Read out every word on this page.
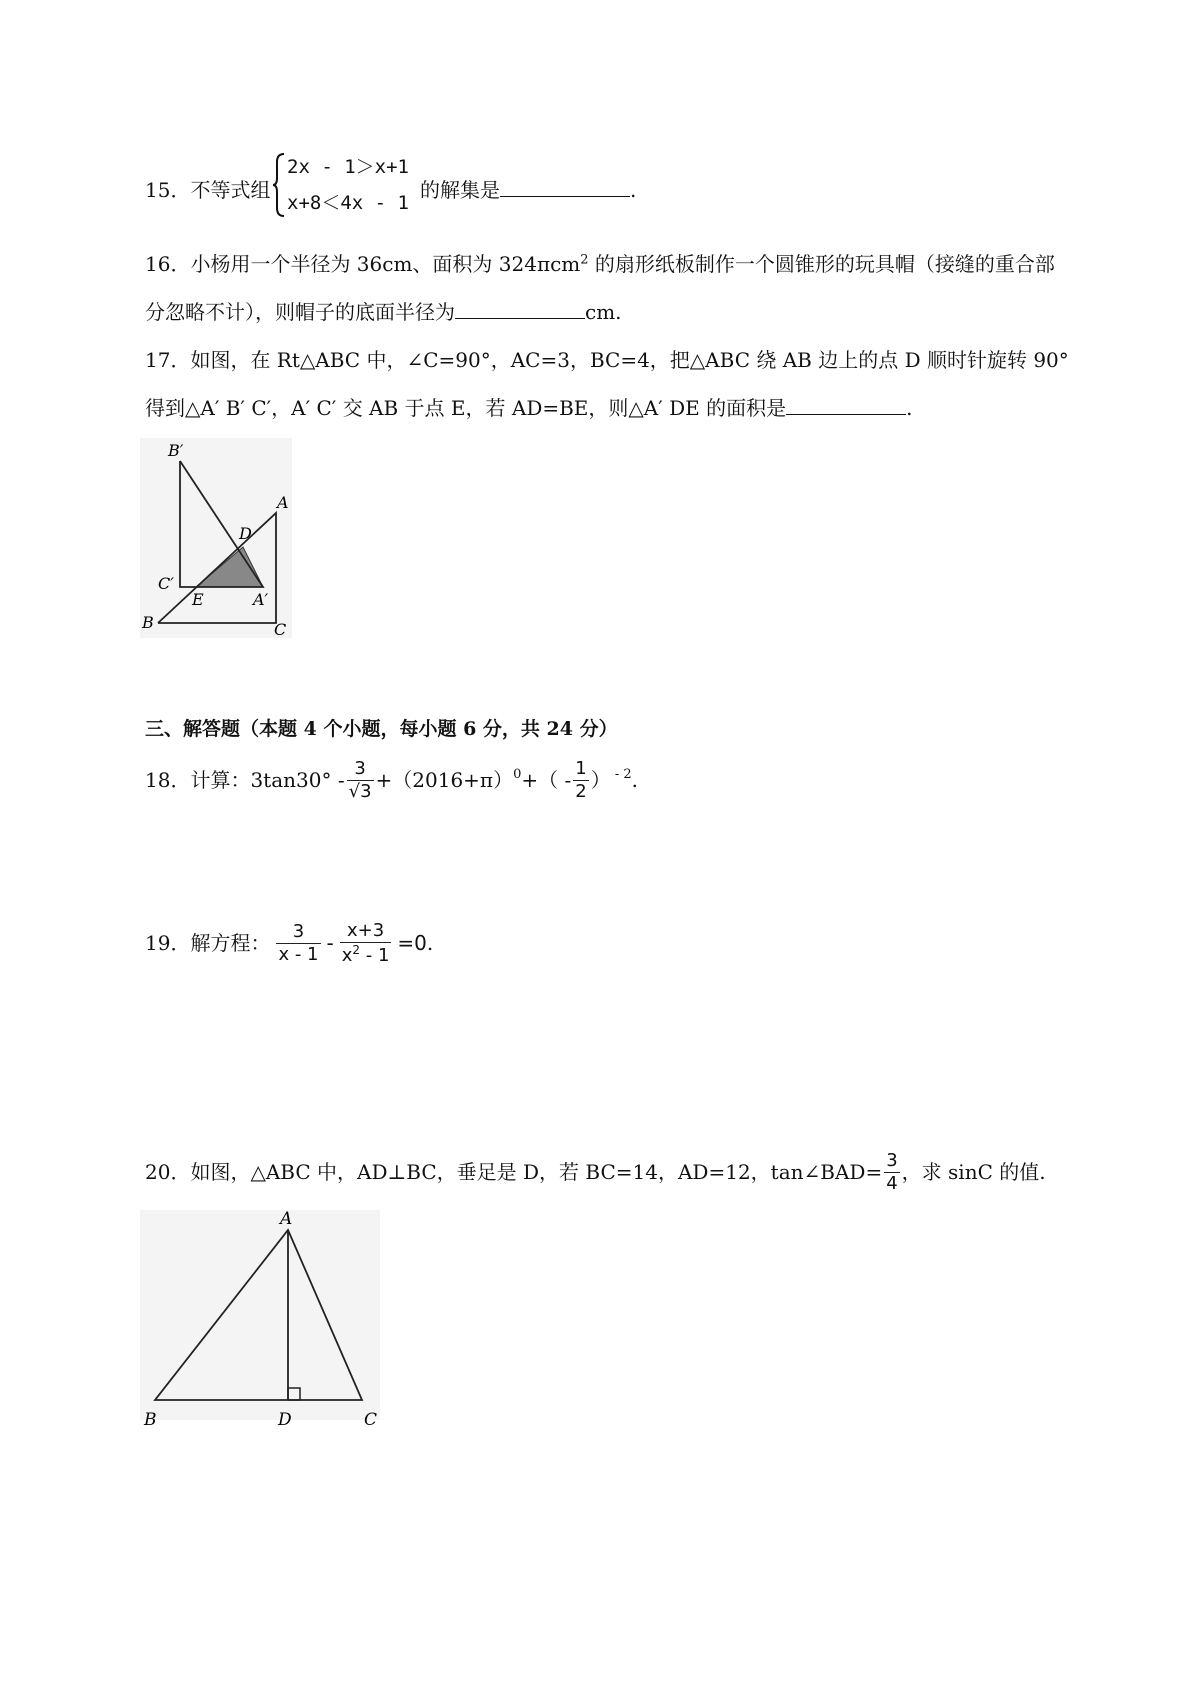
15．不等式组
2x - 1＞x+1
x+8＜4x - 1
的解集是	.
16．小杨用一个半径为 36cm、面积为 324πcm$^2$ 的扇形纸板制作一个圆锥形的玩具帽（接缝的重合部
分忽略不计），则帽子的底面半径为	cm.
17．如图，在 Rt△ABC 中，∠C=90°，AC=3，BC=4，把△ABC 绕 AB 边上的点 D 顺时针旋转 90°
得到△A′ B′ C′，A′ C′ 交 AB 于点 E，若 AD=BE，则△A′ DE 的面积是	.
B′
A
D
C′
E	A′
B	C
三、解答题（本题 4 个小题，每小题 6 分，共 24 分）
18．计算：$3\tan 30^\circ - \frac{3}{√3} +(2016+\pi)^0+( - \frac{1}{2}$ ） $^{- 2}$.
19．解方程： $\frac{3}{x - 1} - \frac{x+3}{x^2 - 1} =0$.
20．如图，△ABC 中，AD⊥BC，垂足是 D，若 BC=14，AD=12，tan∠BAD= $\frac{3}{4}$ ，求 sinC 的值.
A
B	D	C
